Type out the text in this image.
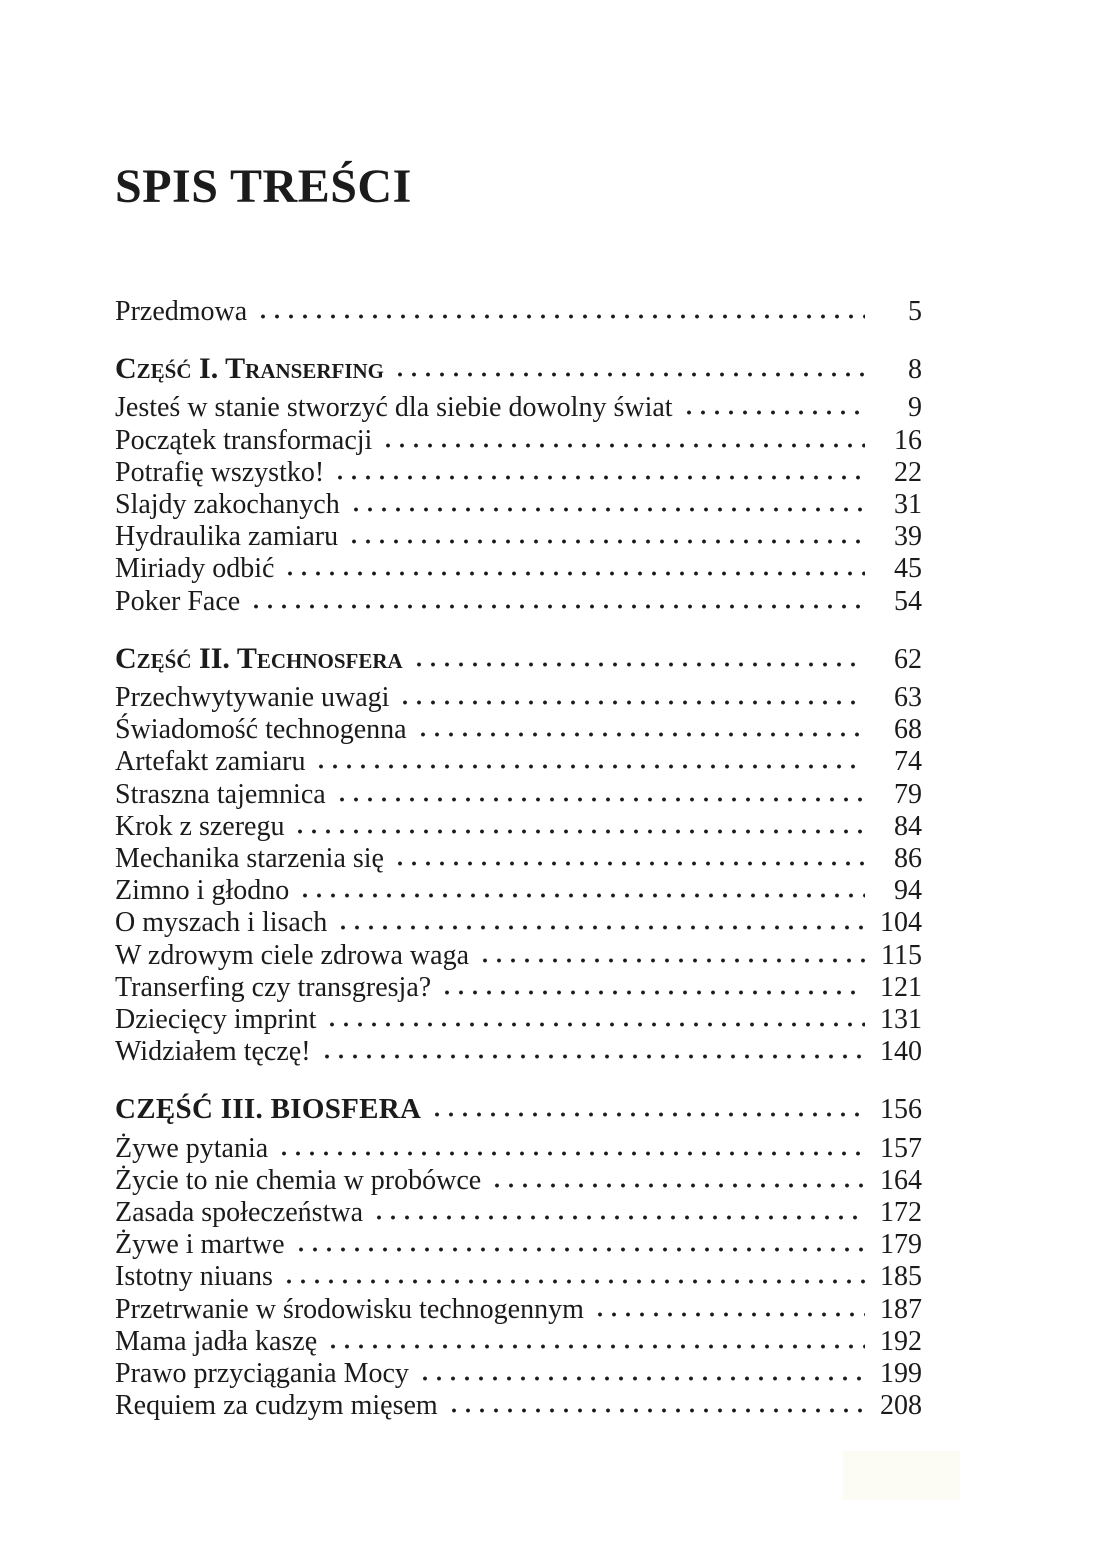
SPIS TREŚCI
Przedmowa	5
Część I. Transerfing	8
Jesteś w stanie stworzyć dla siebie dowolny świat	9
Początek transformacji	16
Potrafię wszystko!	22
Slajdy zakochanych	31
Hydraulika zamiaru	39
Miriady odbić	45
Poker Face	54
Część II. Technosfera	62
Przechwytywanie uwagi	63
Świadomość technogenna	68
Artefakt zamiaru	74
Straszna tajemnica	79
Krok z szeregu	84
Mechanika starzenia się	86
Zimno i głodno	94
O myszach i lisach	104
W zdrowym ciele zdrowa waga	115
Transerfing czy transgresja?	121
Dziecięcy imprint	131
Widziałem tęczę!	140
CZĘŚĆ III. BIOSFERA	156
Żywe pytania	157
Życie to nie chemia w probówce	164
Zasada społeczeństwa	172
Żywe i martwe	179
Istotny niuans	185
Przetrwanie w środowisku technogennym	187
Mama jadła kaszę	192
Prawo przyciągania Mocy	199
Requiem za cudzym mięsem	208
